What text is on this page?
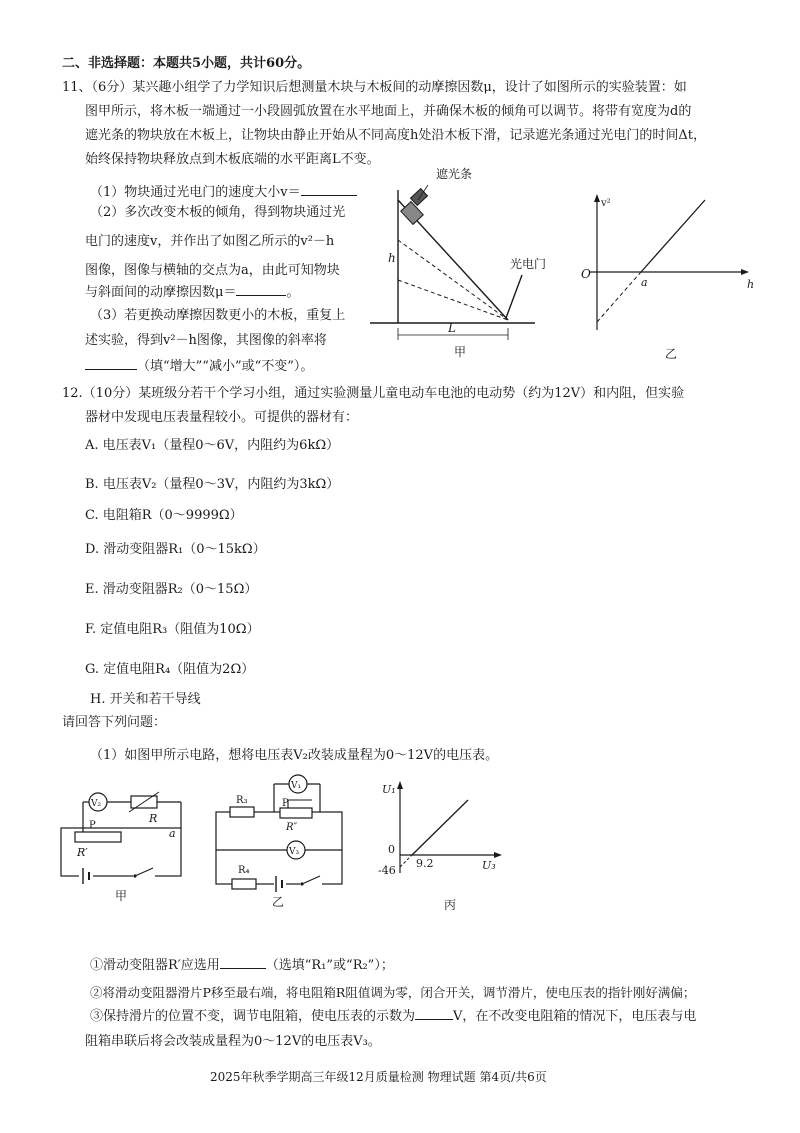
二、非选择题：本题共5小题，共计60分。
11、（6分）某兴趣小组学了力学知识后想测量木块与木板间的动摩擦因数μ，设计了如图所示的实验装置：如
图甲所示，将木板一端通过一小段圆弧放置在水平地面上，并确保木板的倾角可以调节。将带有宽度为d的
遮光条的物块放在木板上，让物块由静止开始从不同高度h处沿木板下滑，记录遮光条通过光电门的时间Δt，
始终保持物块释放点到木板底端的水平距离L不变。
（1）物块通过光电门的速度大小v＝
（2）多次改变木板的倾角，得到物块通过光
电门的速度v，并作出了如图乙所示的v²－h
图像，图像与横轴的交点为a，由此可知物块
与斜面间的动摩擦因数μ＝	。
（3）若更换动摩擦因数更小的木板，重复上
述实验，得到v²－h图像，其图像的斜率将
（填“增大”“减小”或“不变”）。
遮光条
光电门
h
L
甲
v²
h
O
a
乙
12.（10分）某班级分若干个学习小组，通过实验测量儿童电动车电池的电动势（约为12V）和内阻，但实验
器材中发现电压表量程较小。可提供的器材有：
A. 电压表V₁（量程0～6V，内阻约为6kΩ）
B. 电压表V₂（量程0～3V，内阻约为3kΩ）
C. 电阻箱R（0～9999Ω）
D. 滑动变阻器R₁（0～15kΩ）
E. 滑动变阻器R₂（0～15Ω）
F. 定值电阻R₃（阻值为10Ω）
G. 定值电阻R₄（阻值为2Ω）
H. 开关和若干导线
请回答下列问题：
（1）如图甲所示电路，想将电压表V₂改装成量程为0～12V的电压表。
V₂
R
P
R′
a
甲
R₃
V₁
P
R″
V₃
R₄
乙
U₁
U₃
0
9.2
-46
丙
①滑动变阻器R′应选用	（选填“R₁”或“R₂”）；
②将滑动变阻器滑片P移至最右端，将电阻箱R阻值调为零，闭合开关，调节滑片，使电压表的指针刚好满偏；
③保持滑片的位置不变，调节电阻箱，使电压表的示数为	V，在不改变电阻箱的情况下，电压表与电
阻箱串联后将会改装成量程为0～12V的电压表V₃。
2025年秋季学期高三年级12月质量检测 物理试题 第4页/共6页
